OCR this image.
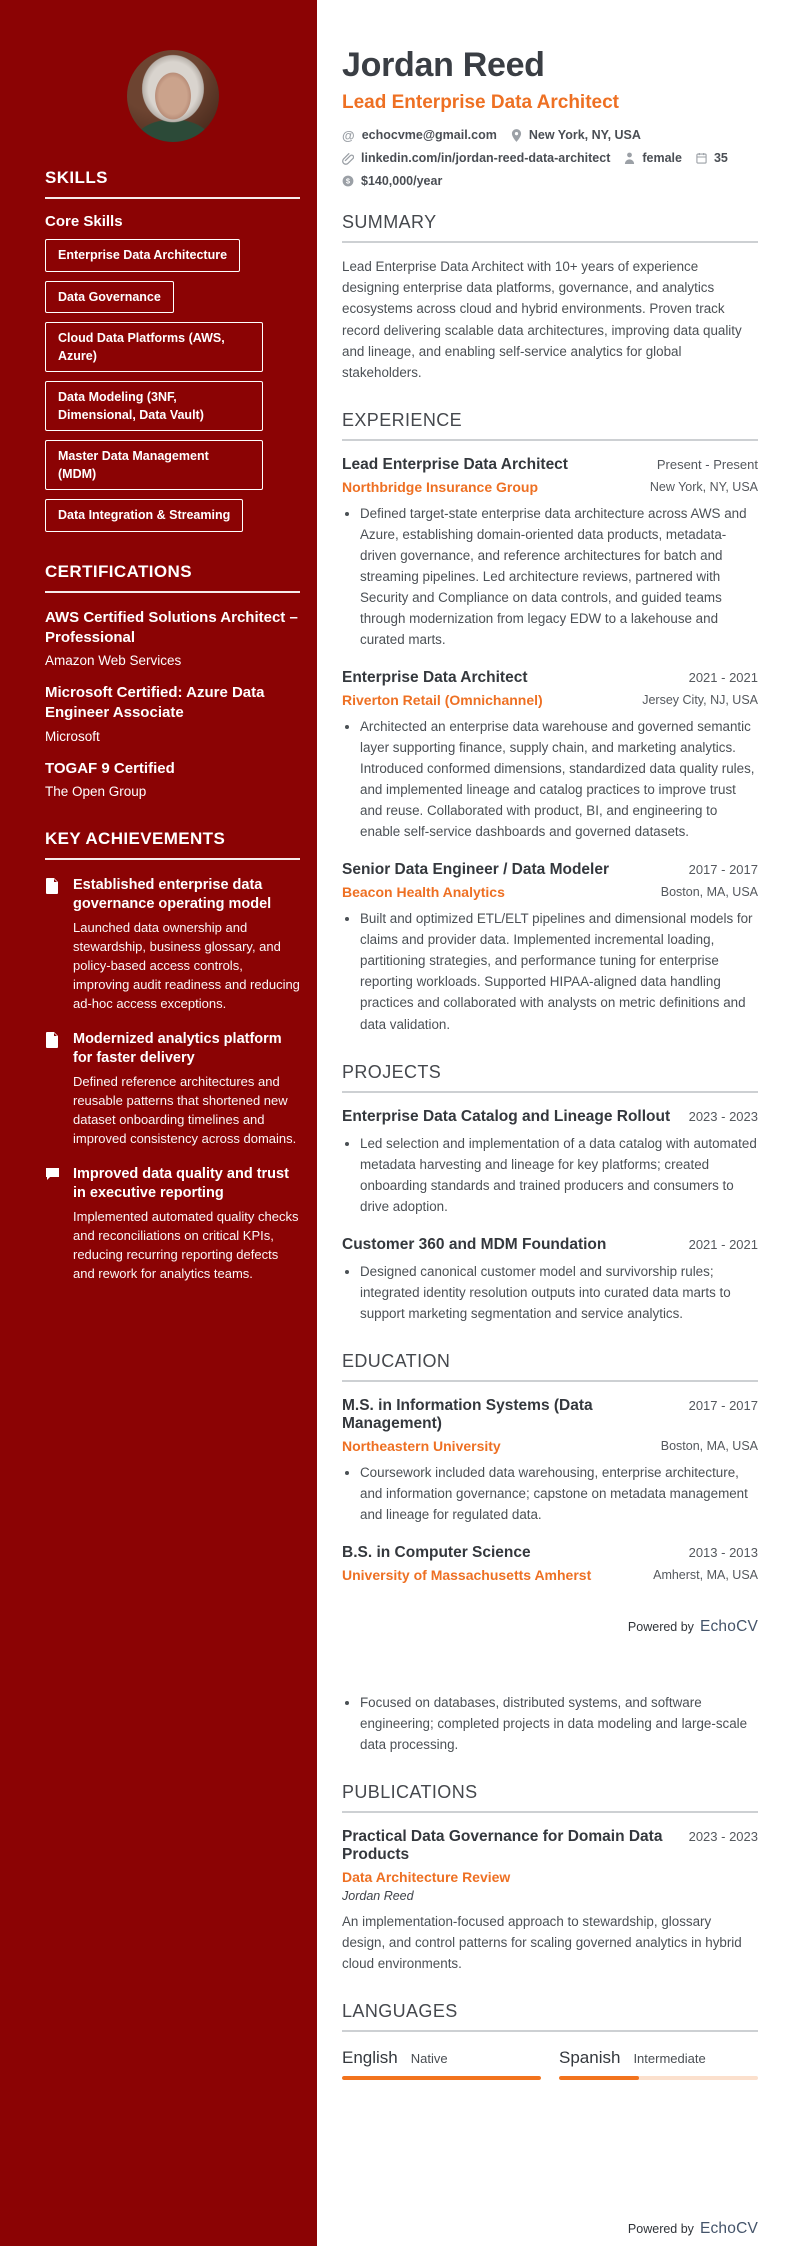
SKILLS
Core Skills
Enterprise Data Architecture
Data Governance
Cloud Data Platforms (AWS, Azure)
Data Modeling (3NF, Dimensional, Data Vault)
Master Data Management (MDM)
Data Integration & Streaming
CERTIFICATIONS
AWS Certified Solutions Architect – Professional
Amazon Web Services
Microsoft Certified: Azure Data Engineer Associate
Microsoft
TOGAF 9 Certified
The Open Group
KEY ACHIEVEMENTS
Established enterprise data governance operating model
Launched data ownership and stewardship, business glossary, and policy-based access controls, improving audit readiness and reducing ad-hoc access exceptions.
Modernized analytics platform for faster delivery
Defined reference architectures and reusable patterns that shortened new dataset onboarding timelines and improved consistency across domains.
Improved data quality and trust in executive reporting
Implemented automated quality checks and reconciliations on critical KPIs, reducing recurring reporting defects and rework for analytics teams.
Jordan Reed
Lead Enterprise Data Architect
@ echocvme@gmail.com	New York, NY, USA
linkedin.com/in/jordan-reed-data-architect	female	35
$ $140,000/year
SUMMARY

Lead Enterprise Data Architect with 10+ years of experience designing enterprise data platforms, governance, and analytics ecosystems across cloud and hybrid environments. Proven track record delivering scalable data architectures, improving data quality and lineage, and enabling self-service analytics for global stakeholders.

EXPERIENCE
Lead Enterprise Data Architect	Present - Present
Northbridge Insurance Group	New York, NY, USA
• Defined target-state enterprise data architecture across AWS and Azure, establishing domain-oriented data products, metadata-driven governance, and reference architectures for batch and streaming pipelines. Led architecture reviews, partnered with Security and Compliance on data controls, and guided teams through modernization from legacy EDW to a lakehouse and curated marts.
Enterprise Data Architect	2021 - 2021
Riverton Retail (Omnichannel)	Jersey City, NJ, USA
• Architected an enterprise data warehouse and governed semantic layer supporting finance, supply chain, and marketing analytics. Introduced conformed dimensions, standardized data quality rules, and implemented lineage and catalog practices to improve trust and reuse. Collaborated with product, BI, and engineering to enable self-service dashboards and governed datasets.
Senior Data Engineer / Data Modeler	2017 - 2017
Beacon Health Analytics	Boston, MA, USA
• Built and optimized ETL/ELT pipelines and dimensional models for claims and provider data. Implemented incremental loading, partitioning strategies, and performance tuning for enterprise reporting workloads. Supported HIPAA-aligned data handling practices and collaborated with analysts on metric definitions and data validation.
PROJECTS
Enterprise Data Catalog and Lineage Rollout	2023 - 2023
• Led selection and implementation of a data catalog with automated metadata harvesting and lineage for key platforms; created onboarding standards and trained producers and consumers to drive adoption.
Customer 360 and MDM Foundation	2021 - 2021
• Designed canonical customer model and survivorship rules; integrated identity resolution outputs into curated data marts to support marketing segmentation and service analytics.
EDUCATION
M.S. in Information Systems (Data Management)
2017 - 2017
Northeastern University	Boston, MA, USA
• Coursework included data warehousing, enterprise architecture, and information governance; capstone on metadata management and lineage for regulated data.
B.S. in Computer Science	2013 - 2013
University of Massachusetts Amherst	Amherst, MA, USA
Powered by EchoCV
• Focused on databases, distributed systems, and software engineering; completed projects in data modeling and large-scale data processing.
PUBLICATIONS
Practical Data Governance for Domain Data Products
2023 - 2023
Data Architecture Review
Jordan Reed

An implementation-focused approach to stewardship, glossary design, and control patterns for scaling governed analytics in hybrid cloud environments.

LANGUAGES
English Native	Spanish Intermediate
Powered by EchoCV
